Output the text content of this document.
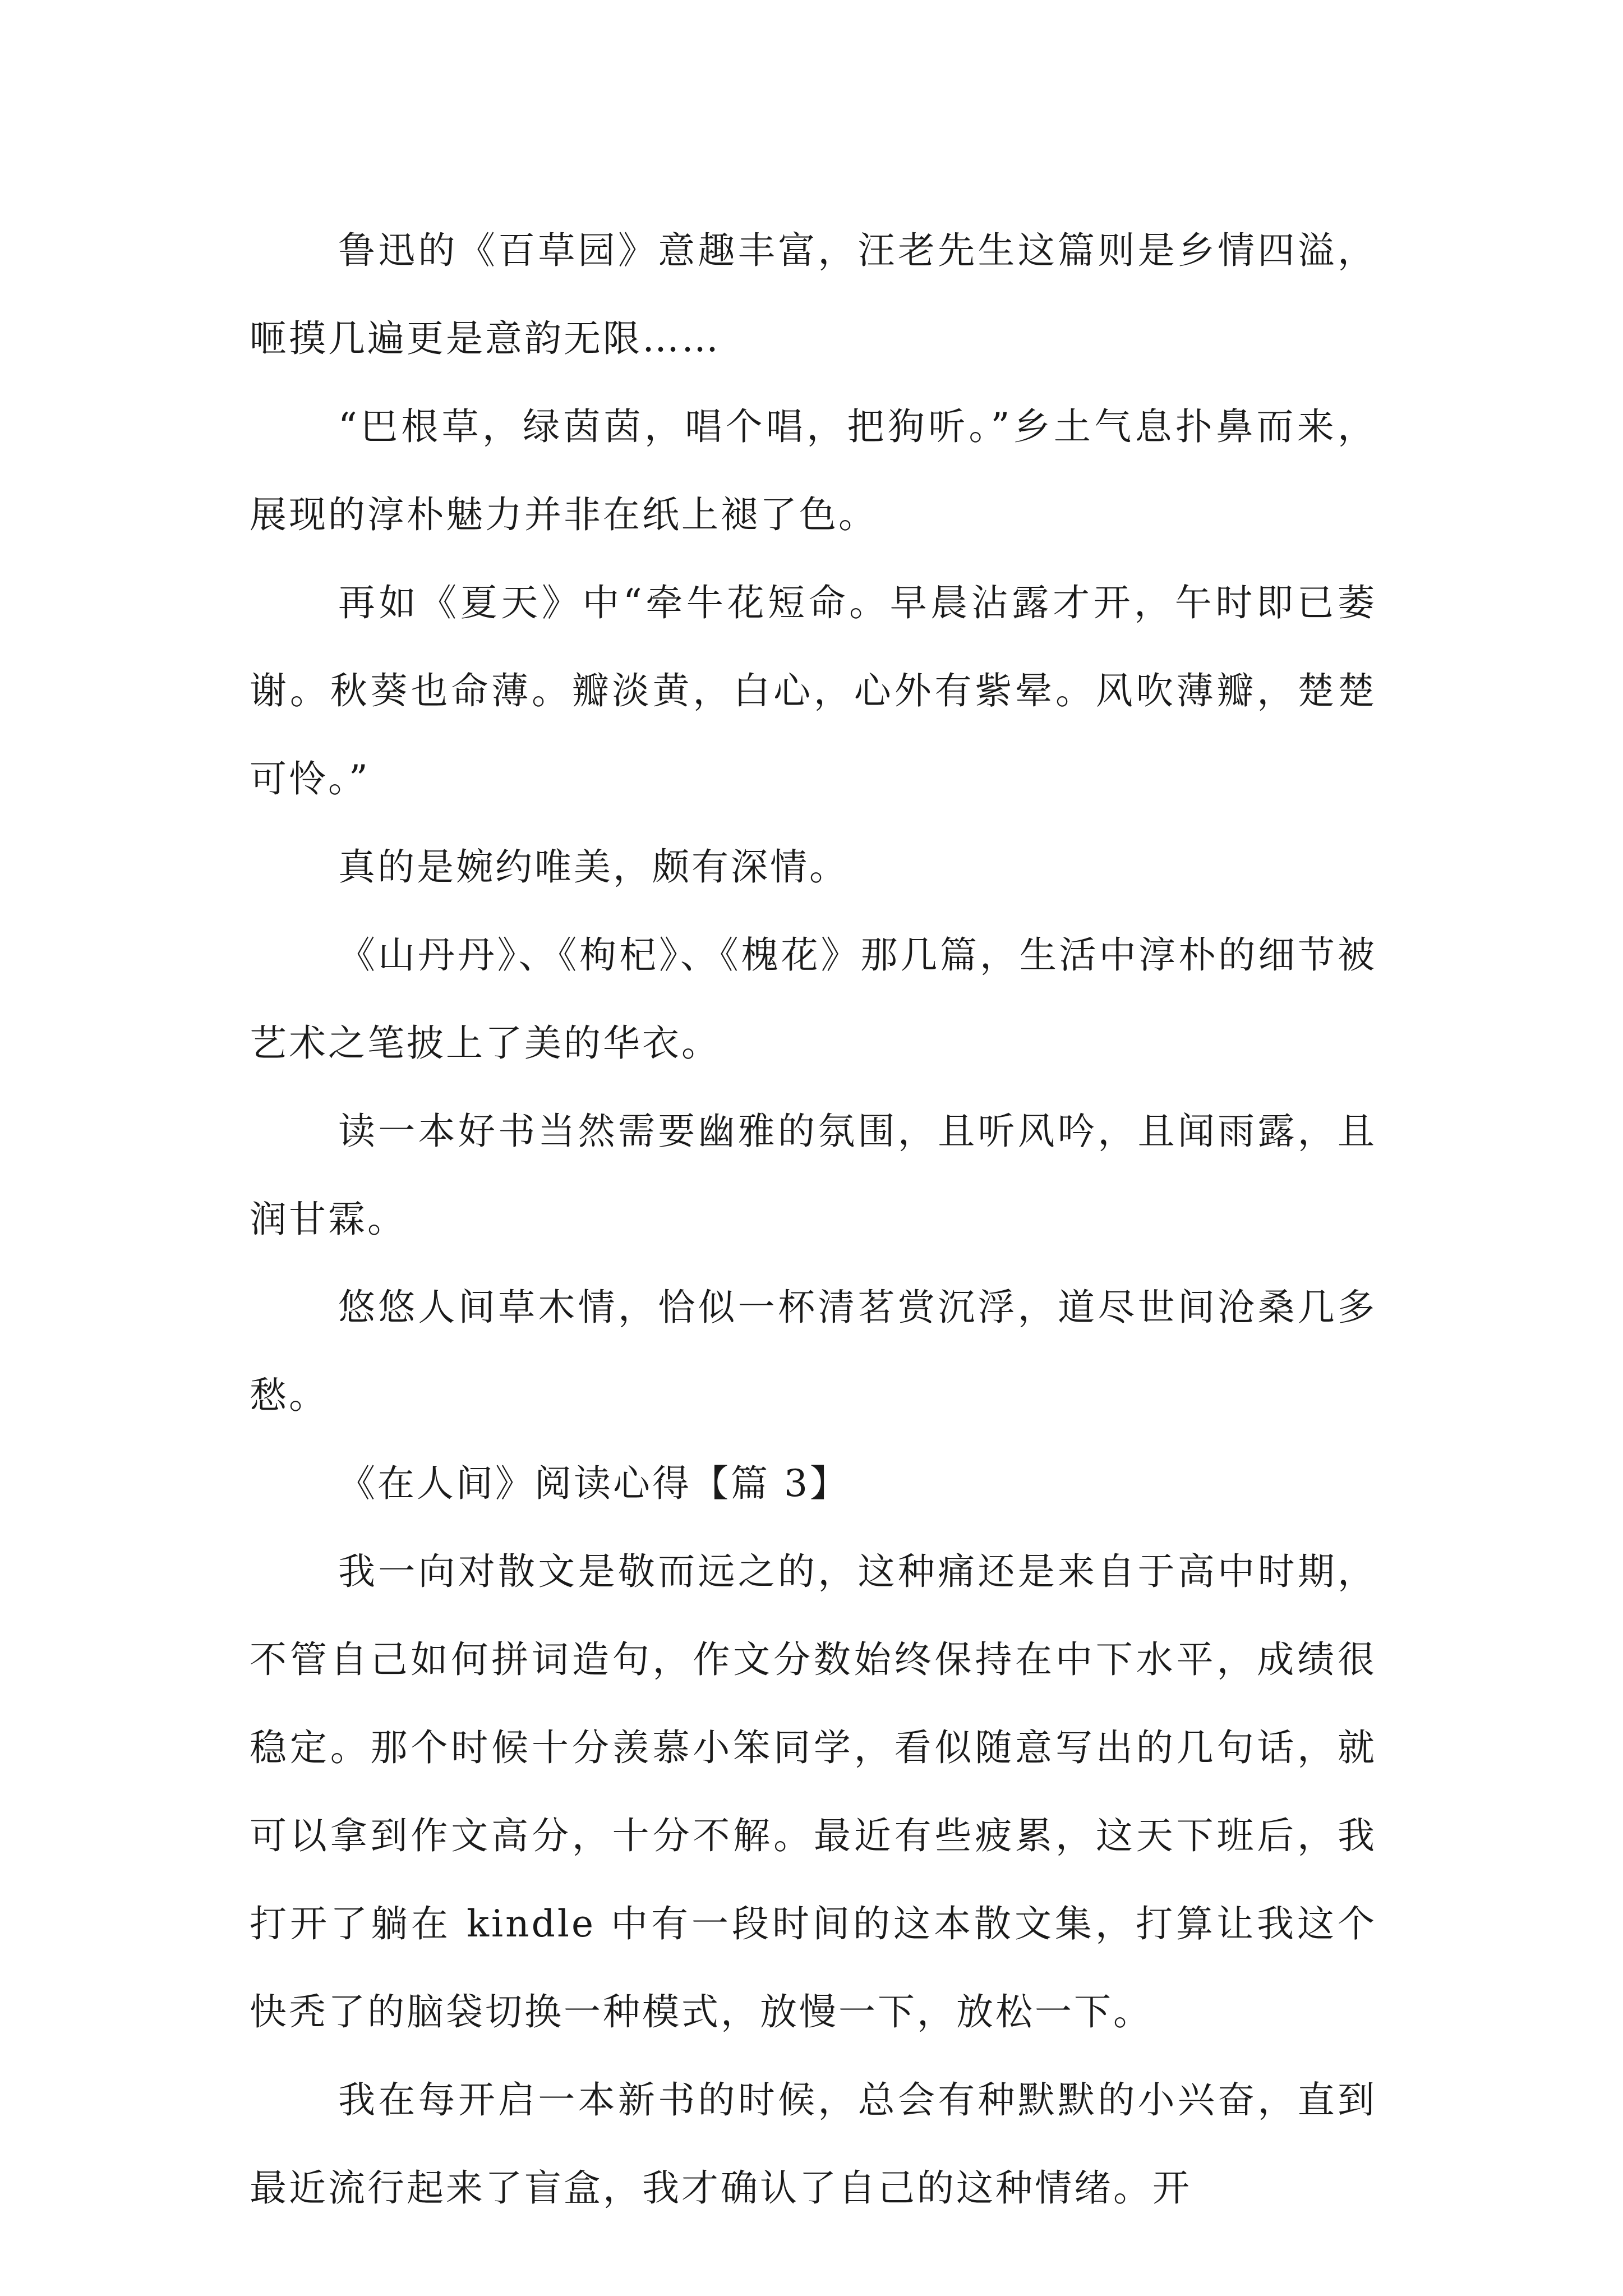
鲁迅的《百草园》意趣丰富，汪老先生这篇则是乡情四溢，咂摸几遍更是意韵无限……

“巴根草，绿茵茵，唱个唱，把狗听。”乡土气息扑鼻而来，展现的淳朴魅力并非在纸上褪了色。

再如《夏天》中“牵牛花短命。早晨沾露才开，午时即已萎谢。秋葵也命薄。瓣淡黄，白心，心外有紫晕。风吹薄瓣，楚楚可怜。”

真的是婉约唯美，颇有深情。

《山丹丹》、《枸杞》、《槐花》那几篇，生活中淳朴的细节被艺术之笔披上了美的华衣。

读一本好书当然需要幽雅的氛围，且听风吟，且闻雨露，且润甘霖。

悠悠人间草木情，恰似一杯清茗赏沉浮，道尽世间沧桑几多愁。

《在人间》阅读心得【篇 3】

我一向对散文是敬而远之的，这种痛还是来自于高中时期，不管自己如何拼词造句，作文分数始终保持在中下水平，成绩很稳定。那个时候十分羡慕小笨同学，看似随意写出的几句话，就可以拿到作文高分，十分不解。最近有些疲累，这天下班后，我打开了躺在 kindle 中有一段时间的这本散文集，打算让我这个快秃了的脑袋切换一种模式，放慢一下，放松一下。

我在每开启一本新书的时候，总会有种默默的小兴奋，直到最近流行起来了盲盒，我才确认了自己的这种情绪。开
